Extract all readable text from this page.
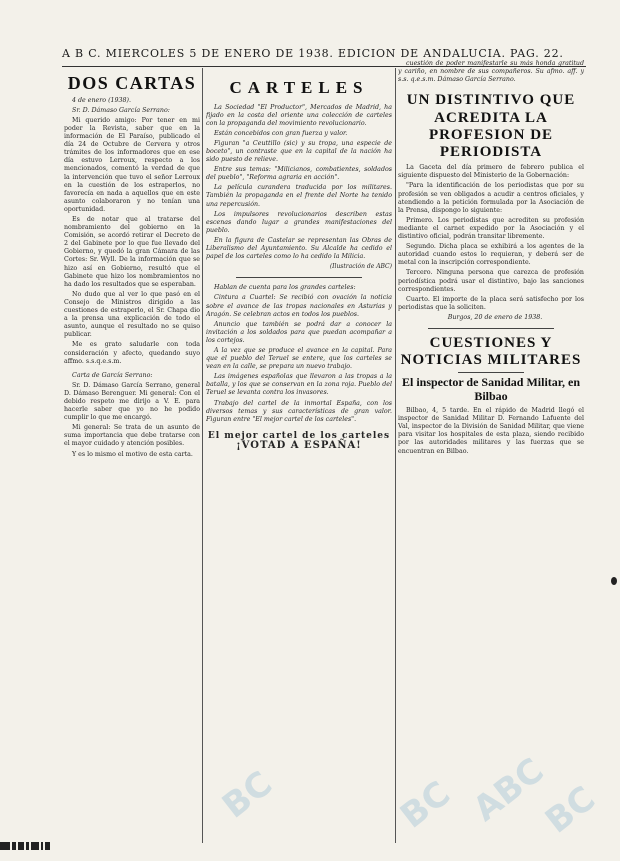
A B C. MIERCOLES 5 DE ENERO DE 1938. EDICION DE ANDALUCIA. PAG. 22.
DOS CARTAS
4 de enero (1938).
Sr. D. Dámaso García Serrano:
Mi querido amigo: Por tener en mi poder la Revista, saber que en la información de El Paraíso, publicado el día 24 de Octubre de Cervera y otros trámites de los informadores que en ese día estuvo Lerroux, respecto a los mencionados, comentó la verdad de que la intervención que tuvo el señor Lerroux en la cuestión de los estraperlos, no favorecía en nada a aquellos que en este asunto colaboraron y no tenían una oportunidad.
Es de notar que al tratarse del nombramiento del gobierno en la Comisión, se acordó retirar el Decreto de 2 del Gabinete por lo que fue llevado del Gobierno, y quedó la gran Cámara de las Cortes: Sr. Wyll. De la información que se hizo así en Gobierno, resultó que el Gabinete que hizo los nombramientos no ha dado los resultados que se esperaban.
No dudo que al ver lo que pasó en el Consejo de Ministros dirigido a las cuestiones de estraperlo, el Sr. Chapa dio a la prensa una explicación de todo el asunto, aunque el resultado no se quiso publicar.
Me es grato saludarle con toda consideración y afecto, quedando suyo affmo. s.s.q.e.s.m.
Carta de García Serrano:
Sr. D. Dámaso García Serrano, general D. Dámaso Berenguer. Mi general: Con el debido respeto me dirijo a V. E. para hacerle saber que yo no he podido cumplir lo que me encargó.
Mi general: Se trata de un asunto de suma importancia que debe tratarse con el mayor cuidado y atención posibles.
Y es lo mismo el motivo de esta carta.
CARTELES
La Sociedad "El Productor", Mercados de Madrid, ha fijado en la costa del oriente una colección de carteles con la propaganda del movimiento revolucionario.
Están concebidos con gran fuerza y valor.
Figuran "a Ceuttillo (sic) y su tropa, una especie de boceto", un contraste que en la capital de la nación ha sido puesto de relieve.
Entre sus temas: "Milicianos, combatientes, soldados del pueblo", "Reforma agraria en acción".
La película curandera traducida por los militares. También la propaganda en el frente del Norte ha tenido una repercusión.
Los impulsores revolucionarios describen estas escenas dando lugar a grandes manifestaciones del pueblo.
En la figura de Castelar se representan las Obras de Liberalismo del Ayuntamiento. Su Alcalde ha cedido el papel de los carteles como lo ha cedido la Milicia.
(Ilustración de ABC)
Hablan de cuenta para los grandes carteles:
Cintura a Cuartel: Se recibió con ovación la noticia sobre el avance de las tropas nacionales en Asturias y Aragón. Se celebran actos en todos los pueblos.
Anuncio que también se podrá dar a conocer la invitación a los soldados para que puedan acompañar a los cortejos.
A la vez que se produce el avance en la capital. Para que el pueblo del Teruel se entere, que los carteles se vean en la calle, se prepara un nuevo trabajo.
Las imágenes españolas que llevaron a las tropas a la batalla, y los que se conservan en la zona roja. Pueblo del Teruel se levanta contra los invasores.
Trabajo del cartel de la inmortal España, con los diversos temas y sus características de gran valor. Figuran entre "El mejor cartel de los carteles".
El mejor cartel de los carteles
¡VOTAD A ESPAÑA!
cuestión de poder manifestarle su más honda gratitud y cariño, en nombre de sus compañeros. Su afmo. aff. y s.s. q.e.s.m. Dámaso García Serrano.
UN DISTINTIVO QUE ACREDITA LA PROFESION DE PERIODISTA
La Gaceta del día primero de febrero publica el siguiente dispuesto del Ministerio de la Gobernación:
"Para la identificación de los periodistas que por su profesión se ven obligados a acudir a centros oficiales, y atendiendo a la petición formulada por la Asociación de la Prensa, dispongo lo siguiente:
Primero. Los periodistas que acrediten su profesión mediante el carnet expedido por la Asociación y el distintivo oficial, podrán transitar libremente.
Segundo. Dicha placa se exhibirá a los agentes de la autoridad cuando estos lo requieran, y deberá ser de metal con la inscripción correspondiente.
Tercero. Ninguna persona que carezca de profesión periodística podrá usar el distintivo, bajo las sanciones correspondientes.
Cuarto. El importe de la placa será satisfecho por los periodistas que la soliciten.
Burgos, 20 de enero de 1938.
CUESTIONES Y NOTICIAS MILITARES
El inspector de Sanidad Militar, en Bilbao
Bilbao, 4, 5 tarde. En el rápido de Madrid llegó el inspector de Sanidad Militar D. Fernando Lafuente del Val, inspector de la División de Sanidad Militar, que viene para visitar los hospitales de esta plaza, siendo recibido por las autoridades militares y las fuerzas que se encuentran en Bilbao.
BC	BC ABC
BC
